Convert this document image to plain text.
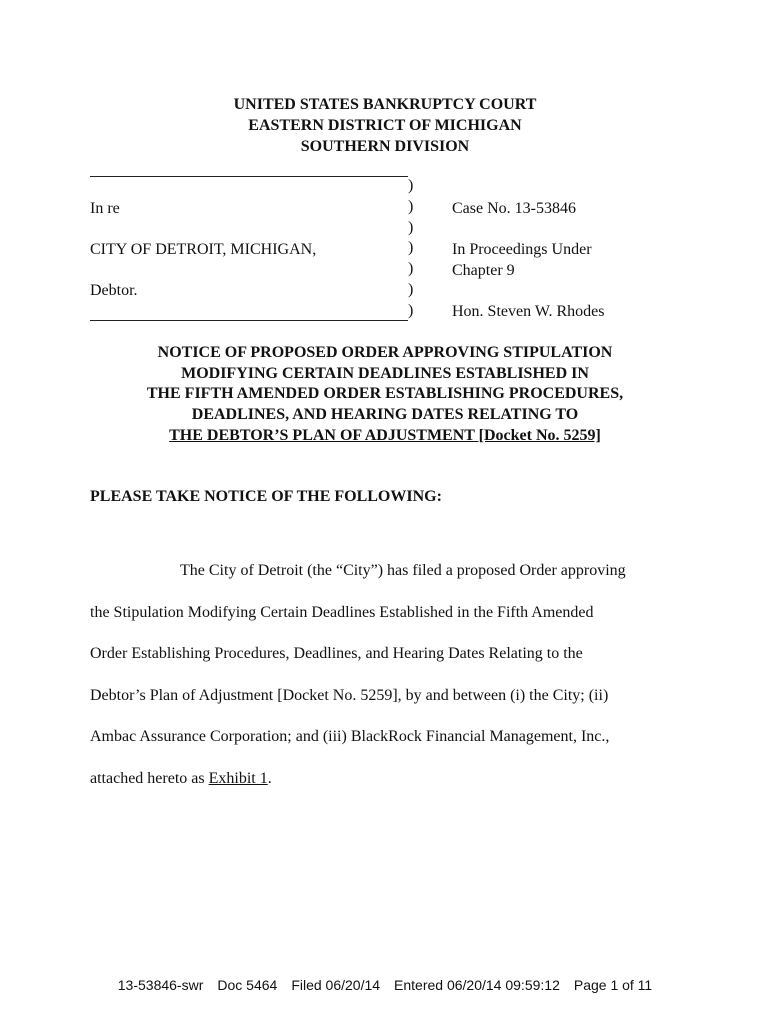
UNITED STATES BANKRUPTCY COURT
EASTERN DISTRICT OF MICHIGAN
SOUTHERN DIVISION
In re
CITY OF DETROIT, MICHIGAN,
Debtor.
)
)
)
)
)
)
)
Case No. 13-53846
In Proceedings Under
Chapter 9
Hon. Steven W. Rhodes
NOTICE OF PROPOSED ORDER APPROVING STIPULATION
MODIFYING CERTAIN DEADLINES ESTABLISHED IN
THE FIFTH AMENDED ORDER ESTABLISHING PROCEDURES,
DEADLINES, AND HEARING DATES RELATING TO
THE DEBTOR’S PLAN OF ADJUSTMENT [Docket No. 5259]
PLEASE TAKE NOTICE OF THE FOLLOWING:
The City of Detroit (the “City”) has filed a proposed Order approving
the Stipulation Modifying Certain Deadlines Established in the Fifth Amended
Order Establishing Procedures, Deadlines, and Hearing Dates Relating to the
Debtor’s Plan of Adjustment [Docket No. 5259], by and between (i) the City; (ii)
Ambac Assurance Corporation; and (iii) BlackRock Financial Management, Inc.,
attached hereto as Exhibit 1.
13-53846-swr Doc 5464 Filed 06/20/14 Entered 06/20/14 09:59:12 Page 1 of 11
